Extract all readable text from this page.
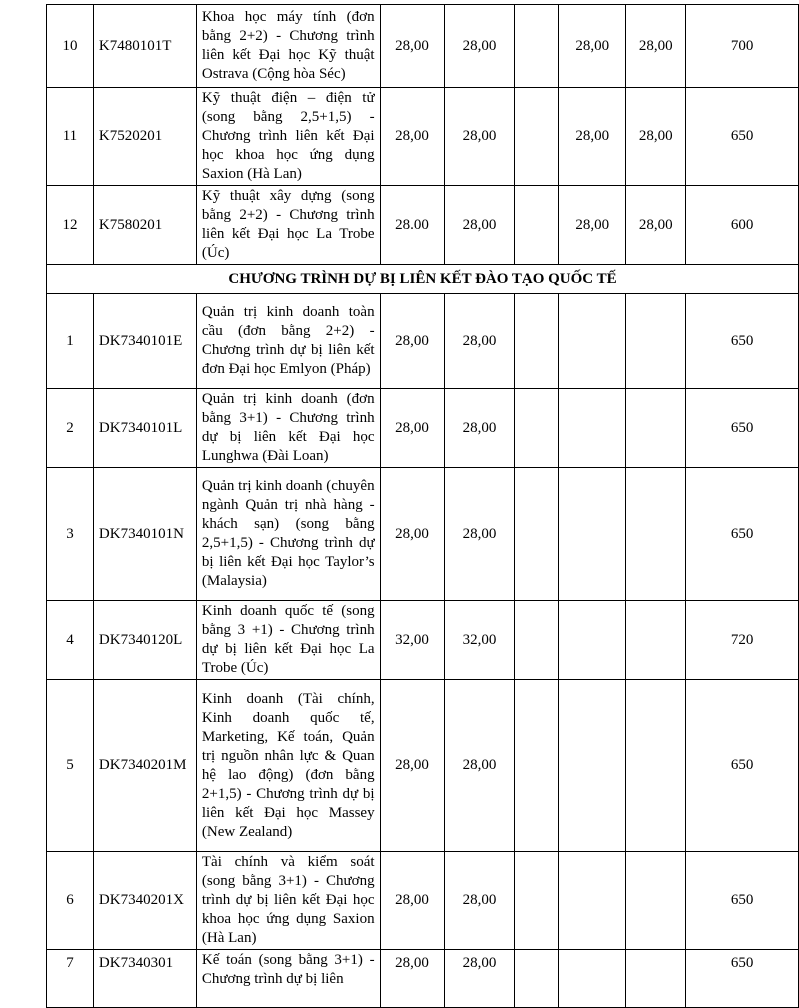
10	K7480101T	Khoa học máy tính (đơn bằng 2+2) - Chương trình liên kết Đại học Kỹ thuật Ostrava (Cộng hòa Séc)	28,00	28,00		28,00	28,00	700
11	K7520201	Kỹ thuật điện – điện tử (song bằng 2,5+1,5) - Chương trình liên kết Đại học khoa học ứng dụng Saxion (Hà Lan)	28,00	28,00		28,00	28,00	650
12	K7580201	Kỹ thuật xây dựng (song bằng 2+2) - Chương trình liên kết Đại học La Trobe (Úc)	28.00	28,00		28,00	28,00	600
CHƯƠNG TRÌNH DỰ BỊ LIÊN KẾT ĐÀO TẠO QUỐC TẾ								
1	DK7340101E	Quản trị kinh doanh toàn cầu (đơn bằng 2+2) - Chương trình dự bị liên kết đơn Đại học Emlyon (Pháp)	28,00	28,00				650
2	DK7340101L	Quản trị kinh doanh (đơn bằng 3+1) - Chương trình dự bị liên kết Đại học Lunghwa (Đài Loan)	28,00	28,00				650
3	DK7340101N	Quản trị kinh doanh (chuyên ngành Quản trị nhà hàng - khách sạn) (song bằng 2,5+1,5) - Chương trình dự bị liên kết Đại học Taylor’s (Malaysia)	28,00	28,00				650
4	DK7340120L	Kinh doanh quốc tế (song bằng 3 +1) - Chương trình dự bị liên kết Đại học La Trobe (Úc)	32,00	32,00				720
5	DK7340201M	Kinh doanh (Tài chính, Kinh doanh quốc tế, Marketing, Kế toán, Quản trị nguồn nhân lực & Quan hệ lao động) (đơn bằng 2+1,5) - Chương trình dự bị liên kết Đại học Massey (New Zealand)	28,00	28,00				650
6	DK7340201X	Tài chính và kiểm soát (song bằng 3+1) - Chương trình dự bị liên kết Đại học khoa học ứng dụng Saxion (Hà Lan)	28,00	28,00				650
7	DK7340301	Kế toán (song bằng 3+1) - Chương trình dự bị liên	28,00	28,00				650
